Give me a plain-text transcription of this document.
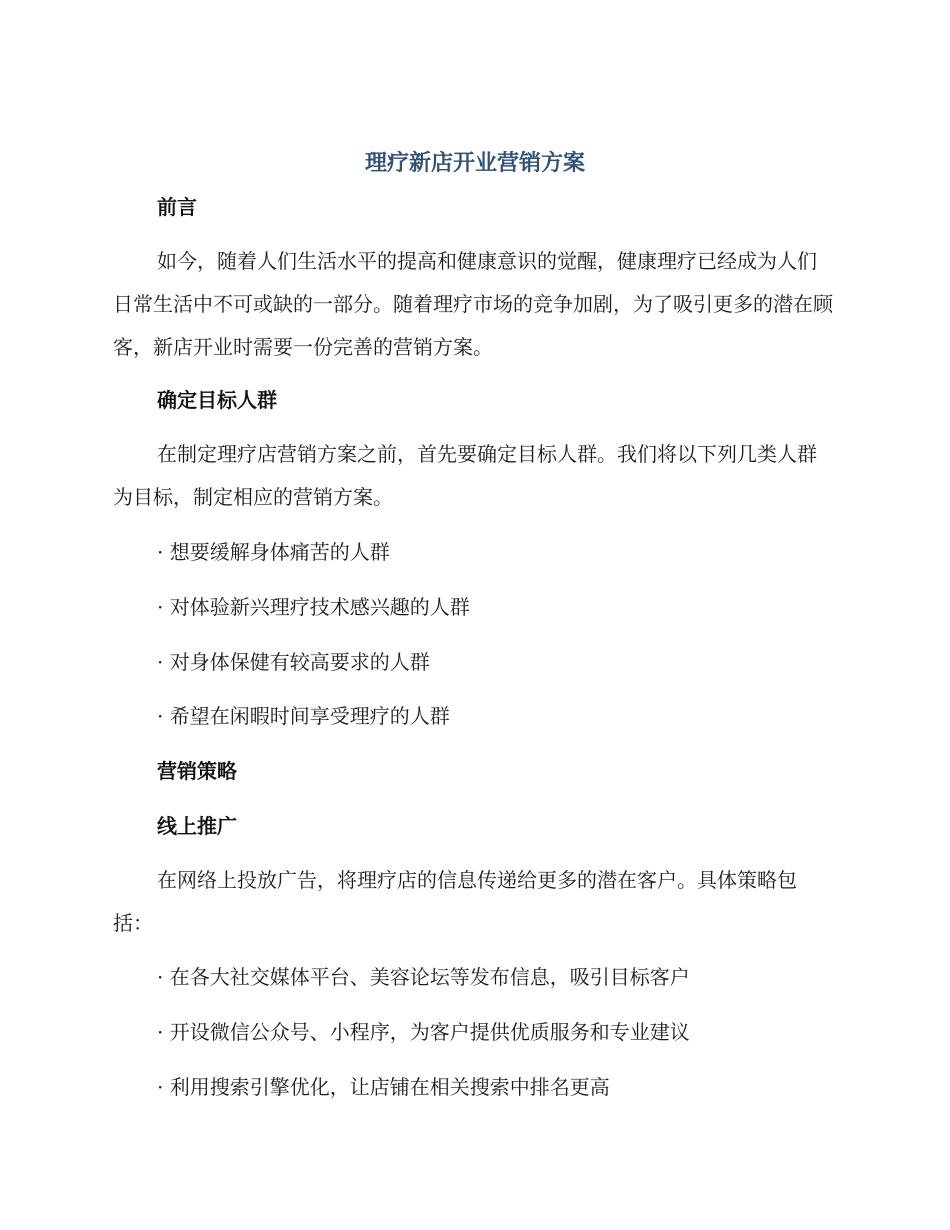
理疗新店开业营销方案
前言
如今，随着人们生活水平的提高和健康意识的觉醒，健康理疗已经成为人们日常生活中不可或缺的一部分。随着理疗市场的竞争加剧，为了吸引更多的潜在顾客，新店开业时需要一份完善的营销方案。
确定目标人群
在制定理疗店营销方案之前，首先要确定目标人群。我们将以下列几类人群为目标，制定相应的营销方案。
· 想要缓解身体痛苦的人群
· 对体验新兴理疗技术感兴趣的人群
· 对身体保健有较高要求的人群
· 希望在闲暇时间享受理疗的人群
营销策略
线上推广
在网络上投放广告，将理疗店的信息传递给更多的潜在客户。具体策略包括：
· 在各大社交媒体平台、美容论坛等发布信息，吸引目标客户
· 开设微信公众号、小程序，为客户提供优质服务和专业建议
· 利用搜索引擎优化，让店铺在相关搜索中排名更高
